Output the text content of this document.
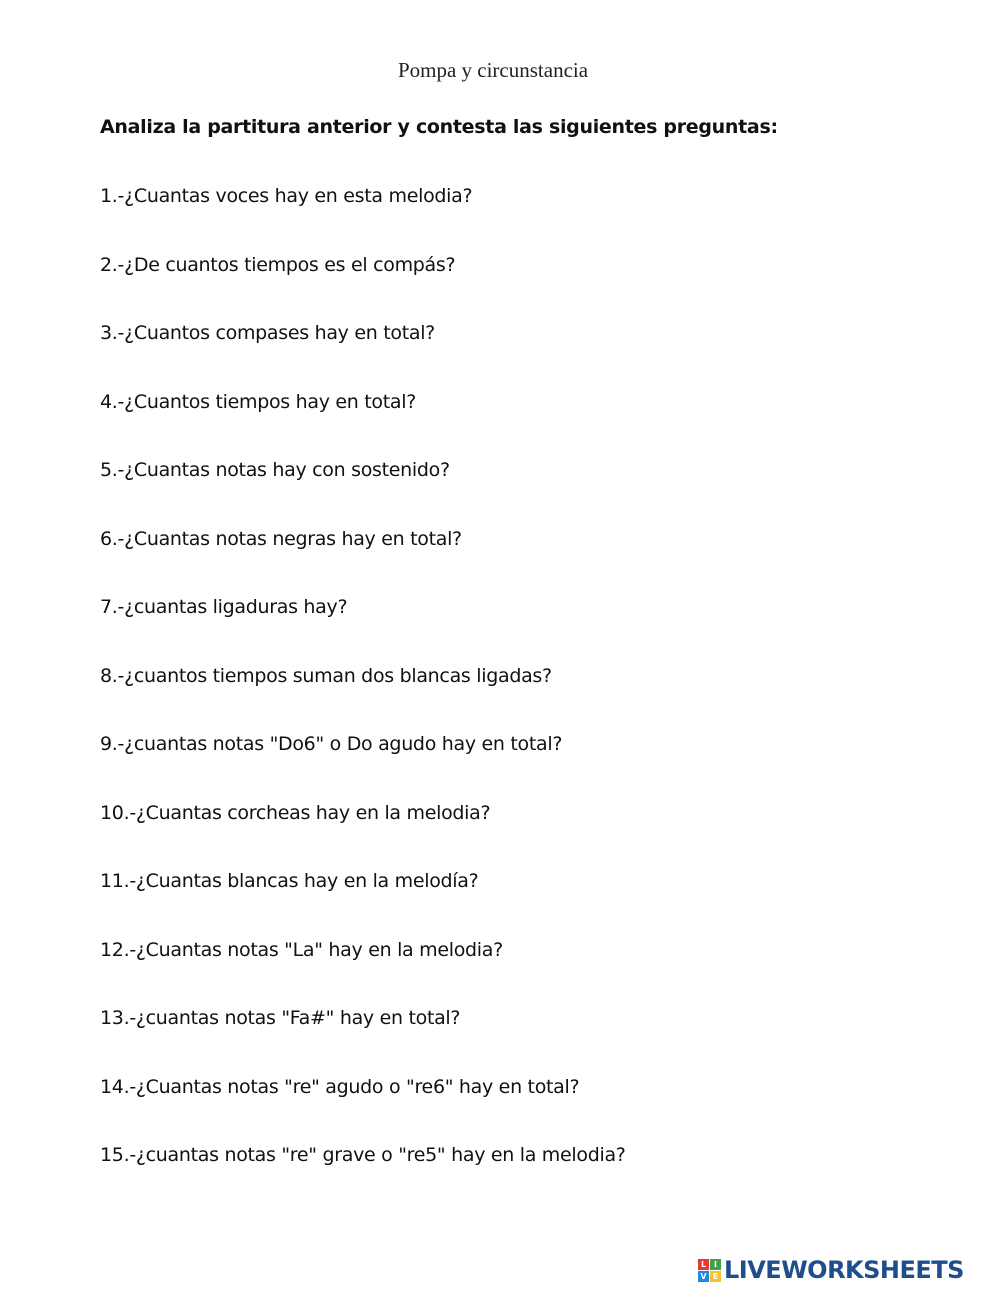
Pompa y circunstancia
Analiza la partitura anterior y contesta las siguientes preguntas:
1.-¿Cuantas voces hay en esta melodia?
2.-¿De cuantos tiempos es el compás?
3.-¿Cuantos compases hay en total?
4.-¿Cuantos tiempos hay en total?
5.-¿Cuantas notas hay con sostenido?
6.-¿Cuantas notas negras hay en total?
7.-¿cuantas ligaduras hay?
8.-¿cuantos tiempos suman dos blancas ligadas?
9.-¿cuantas notas "Do6" o Do agudo hay en total?
10.-¿Cuantas corcheas hay en la melodia?
11.-¿Cuantas blancas hay en la melodía?
12.-¿Cuantas notas "La" hay en la melodia?
13.-¿cuantas notas "Fa#" hay en total?
14.-¿Cuantas notas "re" agudo o "re6" hay en total?
15.-¿cuantas notas "re" grave o "re5" hay en la melodia?
L I
V E LIVEWORKSHEETS
